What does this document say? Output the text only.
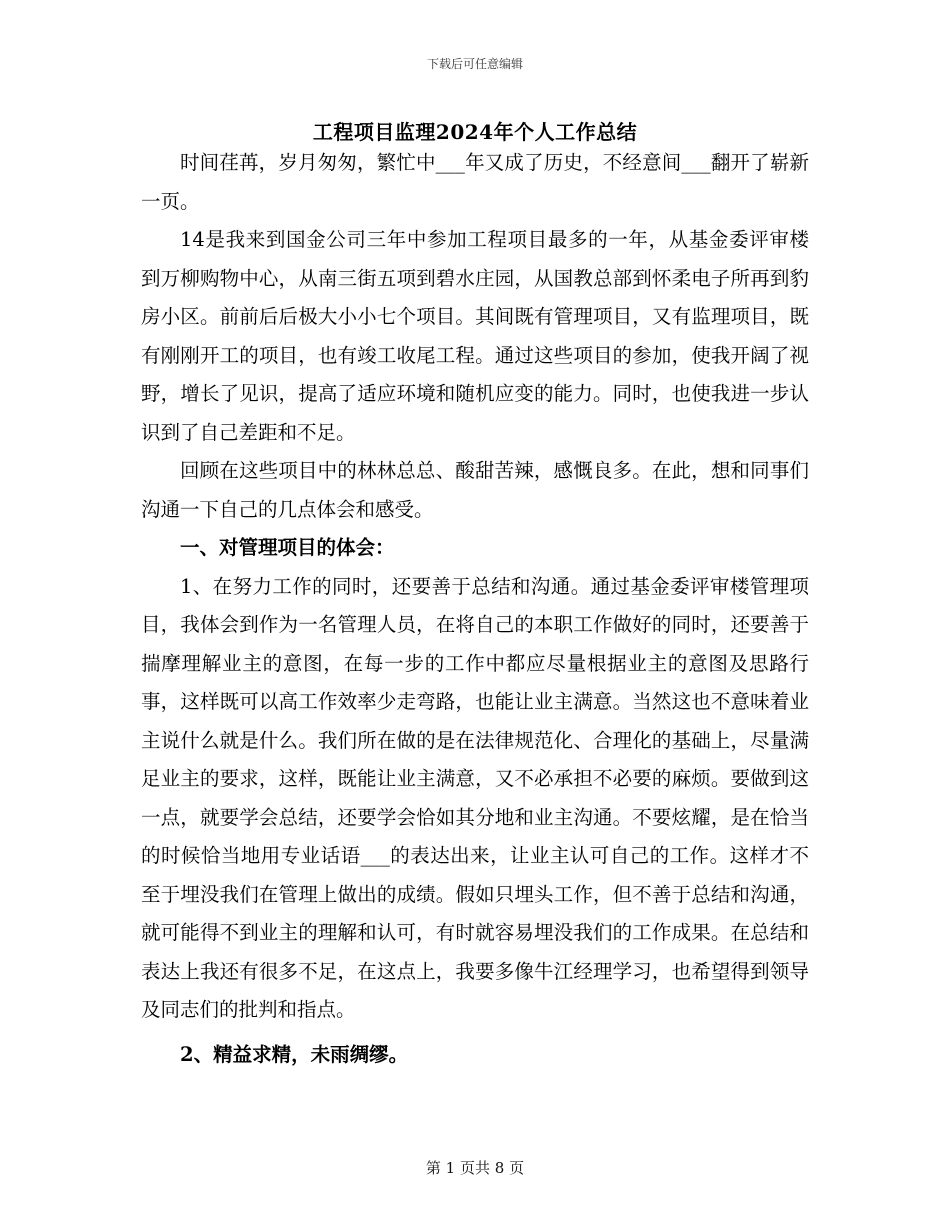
下载后可任意编辑
工程项目监理2024年个人工作总结

时间荏苒，岁月匆匆，繁忙中___年又成了历史，不经意间___翻开了崭新一页。

14是我来到国金公司三年中参加工程项目最多的一年，从基金委评审楼到万柳购物中心，从南三街五项到碧水庄园，从国教总部到怀柔电子所再到豹房小区。前前后后极大小小七个项目。其间既有管理项目，又有监理项目，既有刚刚开工的项目，也有竣工收尾工程。通过这些项目的参加，使我开阔了视野，增长了见识，提高了适应环境和随机应变的能力。同时，也使我进一步认识到了自己差距和不足。

回顾在这些项目中的林林总总、酸甜苦辣，感慨良多。在此，想和同事们沟通一下自己的几点体会和感受。

一、对管理项目的体会：

1、在努力工作的同时，还要善于总结和沟通。通过基金委评审楼管理项目，我体会到作为一名管理人员，在将自己的本职工作做好的同时，还要善于揣摩理解业主的意图，在每一步的工作中都应尽量根据业主的意图及思路行事，这样既可以高工作效率少走弯路，也能让业主满意。当然这也不意味着业主说什么就是什么。我们所在做的是在法律规范化、合理化的基础上，尽量满足业主的要求，这样，既能让业主满意，又不必承担不必要的麻烦。要做到这一点，就要学会总结，还要学会恰如其分地和业主沟通。不要炫耀，是在恰当的时候恰当地用专业话语___的表达出来，让业主认可自己的工作。这样才不至于埋没我们在管理上做出的成绩。假如只埋头工作，但不善于总结和沟通，就可能得不到业主的理解和认可，有时就容易埋没我们的工作成果。在总结和表达上我还有很多不足，在这点上，我要多像牛江经理学习，也希望得到领导及同志们的批判和指点。

2、精益求精，未雨绸缪。

第 1 页共 8 页
